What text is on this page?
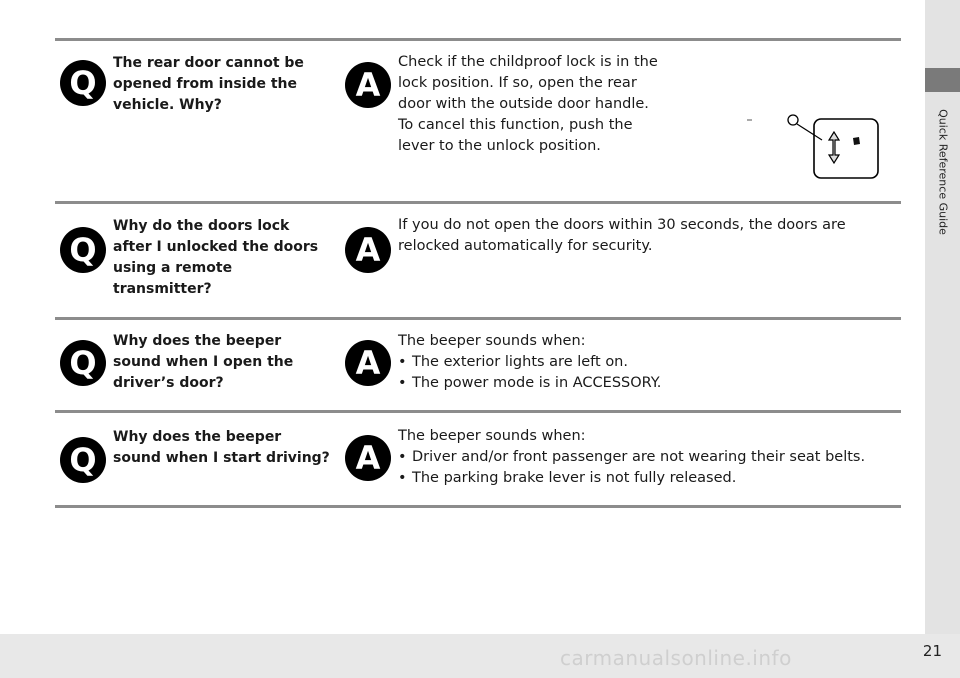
Quick Reference Guide
Q
The rear door cannot be
opened from inside the
vehicle. Why?
A
Check if the childproof lock is in the
lock position. If so, open the rear
door with the outside door handle.
To cancel this function, push the
lever to the unlock position.
Q
Why do the doors lock
after I unlocked the doors
using a remote
transmitter?
A
If you do not open the doors within 30 seconds, the doors are
relocked automatically for security.
Q
Why does the beeper
sound when I open the
driver’s door?
A
The beeper sounds when:
• The exterior lights are left on.
• The power mode is in ACCESSORY.
Q
Why does the beeper
sound when I start driving? A
The beeper sounds when:
• Driver and/or front passenger are not wearing their seat belts.
• The parking brake lever is not fully released.
carmanualsonline.info	21
